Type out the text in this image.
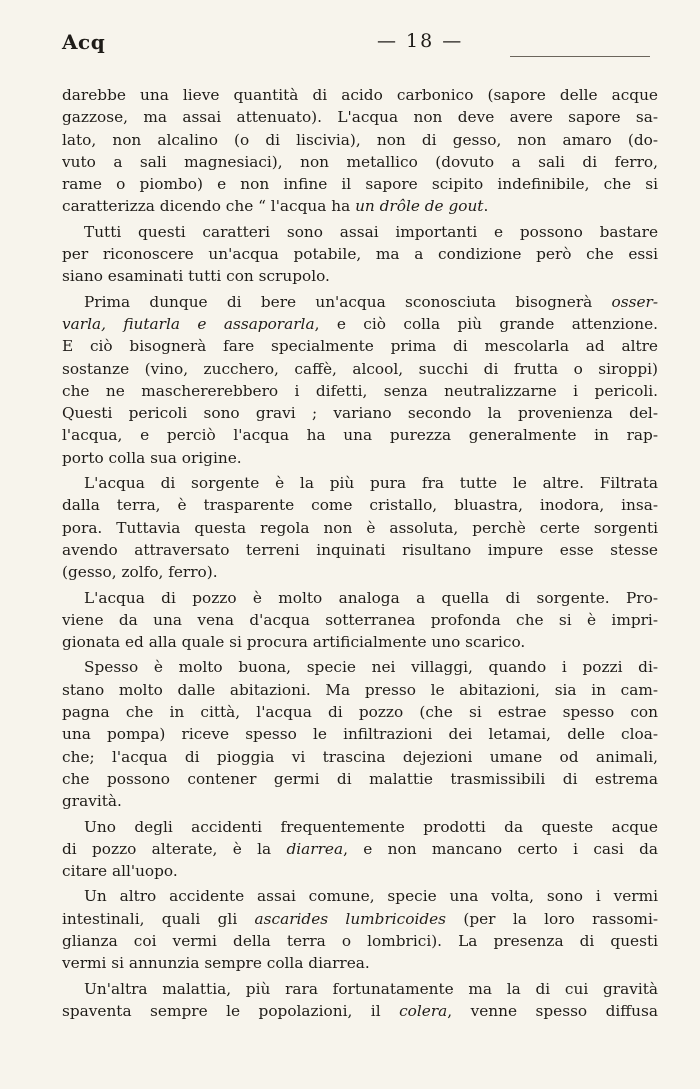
Acq	— 18 —
darebbe una lieve quantità di acido carbonico (sapore delle acque
gazzose, ma assai attenuato). L'acqua non deve avere sapore sa-
lato, non alcalino (o di liscivia), non di gesso, non amaro (do-
vuto a sali magnesiaci), non metallico (dovuto a sali di ferro,
rame o piombo) e non infine il sapore scipito indefinibile, che si
caratterizza dicendo che “ l'acqua ha un drôle de gout.
Tutti questi caratteri sono assai importanti e possono bastare
per riconoscere un'acqua potabile, ma a condizione però che essi
siano esaminati tutti con scrupolo.
Prima dunque di bere un'acqua sconosciuta bisognerà osser-
varla, fiutarla e assaporarla, e ciò colla più grande attenzione.
E ciò bisognerà fare specialmente prima di mescolarla ad altre
sostanze (vino, zucchero, caffè, alcool, succhi di frutta o siroppi)
che ne maschererebbero i difetti, senza neutralizzarne i pericoli.
Questi pericoli sono gravi ; variano secondo la provenienza del-
l'acqua, e perciò l'acqua ha una purezza generalmente in rap-
porto colla sua origine.
L'acqua di sorgente è la più pura fra tutte le altre. Filtrata
dalla terra, è trasparente come cristallo, bluastra, inodora, insa-
pora. Tuttavia questa regola non è assoluta, perchè certe sorgenti
avendo attraversato terreni inquinati risultano impure esse stesse
(gesso, zolfo, ferro).
L'acqua di pozzo è molto analoga a quella di sorgente. Pro-
viene da una vena d'acqua sotterranea profonda che si è impri-
gionata ed alla quale si procura artificialmente uno scarico.
Spesso è molto buona, specie nei villaggi, quando i pozzi di-
stano molto dalle abitazioni. Ma presso le abitazioni, sia in cam-
pagna che in città, l'acqua di pozzo (che si estrae spesso con
una pompa) riceve spesso le infiltrazioni dei letamai, delle cloa-
che; l'acqua di pioggia vi trascina dejezioni umane od animali,
che possono contener germi di malattie trasmissibili di estrema
gravità.
Uno degli accidenti frequentemente prodotti da queste acque
di pozzo alterate, è la diarrea, e non mancano certo i casi da
citare all'uopo.
Un altro accidente assai comune, specie una volta, sono i vermi
intestinali, quali gli ascarides lumbricoides (per la loro rassomi-
glianza coi vermi della terra o lombrici). La presenza di questi
vermi si annunzia sempre colla diarrea.
Un'altra malattia, più rara fortunatamente ma la di cui gravità
spaventa sempre le popolazioni, il colera, venne spesso diffusa
